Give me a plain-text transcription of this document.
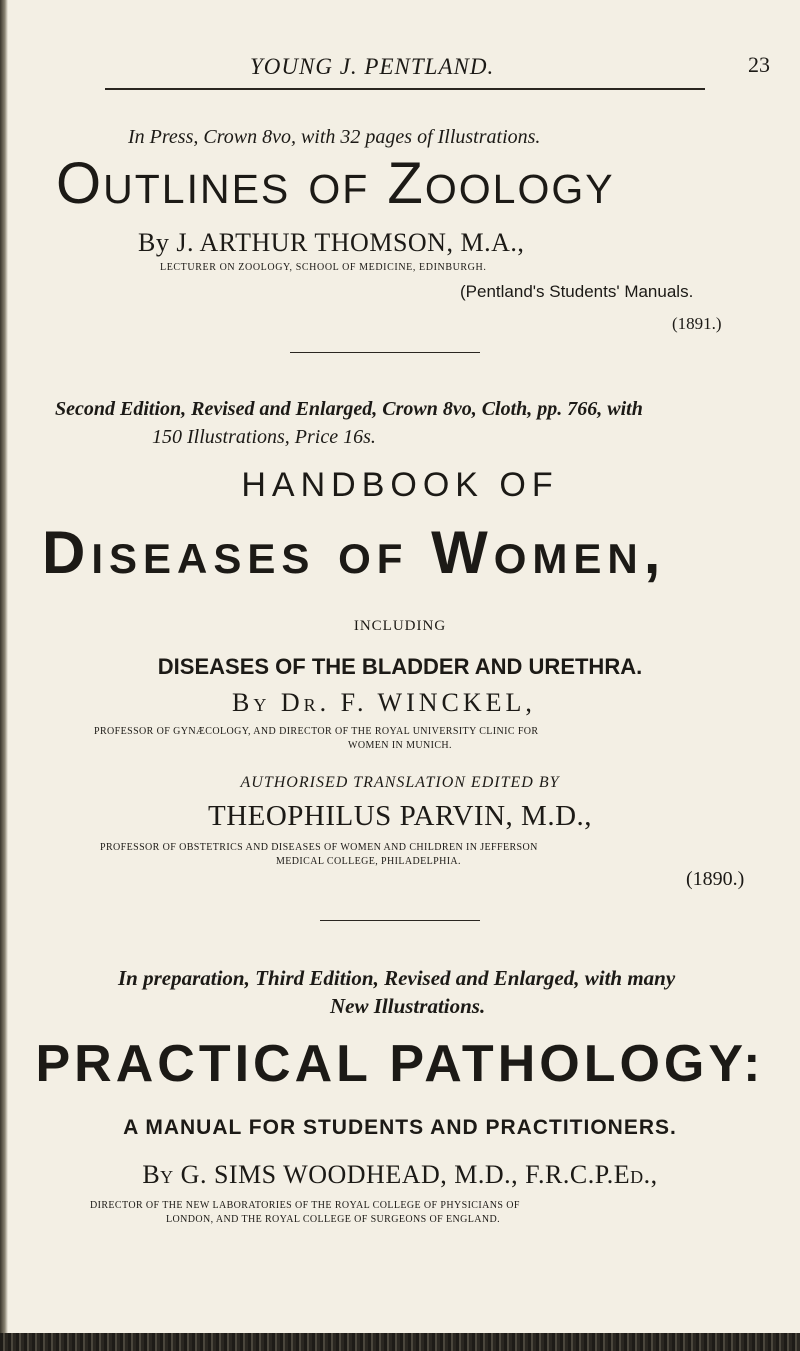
YOUNG J. PENTLAND.	23
In Press, Crown 8vo, with 32 pages of Illustrations.
Outlines of Zoology
By J. ARTHUR THOMSON, M.A.,
LECTURER ON ZOOLOGY, SCHOOL OF MEDICINE, EDINBURGH.
(Pentland's Students' Manuals.
(1891.)
Second Edition, Revised and Enlarged, Crown 8vo, Cloth, pp. 766, with
150 Illustrations, Price 16s.
HANDBOOK OF
Diseases of Women,
INCLUDING
DISEASES OF THE BLADDER AND URETHRA.
By Dr. F. WINCKEL,
PROFESSOR OF GYNÆCOLOGY, AND DIRECTOR OF THE ROYAL UNIVERSITY CLINIC FOR
WOMEN IN MUNICH.
AUTHORISED TRANSLATION EDITED BY
THEOPHILUS PARVIN, M.D.,
PROFESSOR OF OBSTETRICS AND DISEASES OF WOMEN AND CHILDREN IN JEFFERSON
MEDICAL COLLEGE, PHILADELPHIA.
(1890.)
In preparation, Third Edition, Revised and Enlarged, with many
New Illustrations.
PRACTICAL PATHOLOGY:
A MANUAL FOR STUDENTS AND PRACTITIONERS.
By G. SIMS WOODHEAD, M.D., F.R.C.P.Ed.,
DIRECTOR OF THE NEW LABORATORIES OF THE ROYAL COLLEGE OF PHYSICIANS OF
LONDON, AND THE ROYAL COLLEGE OF SURGEONS OF ENGLAND.
